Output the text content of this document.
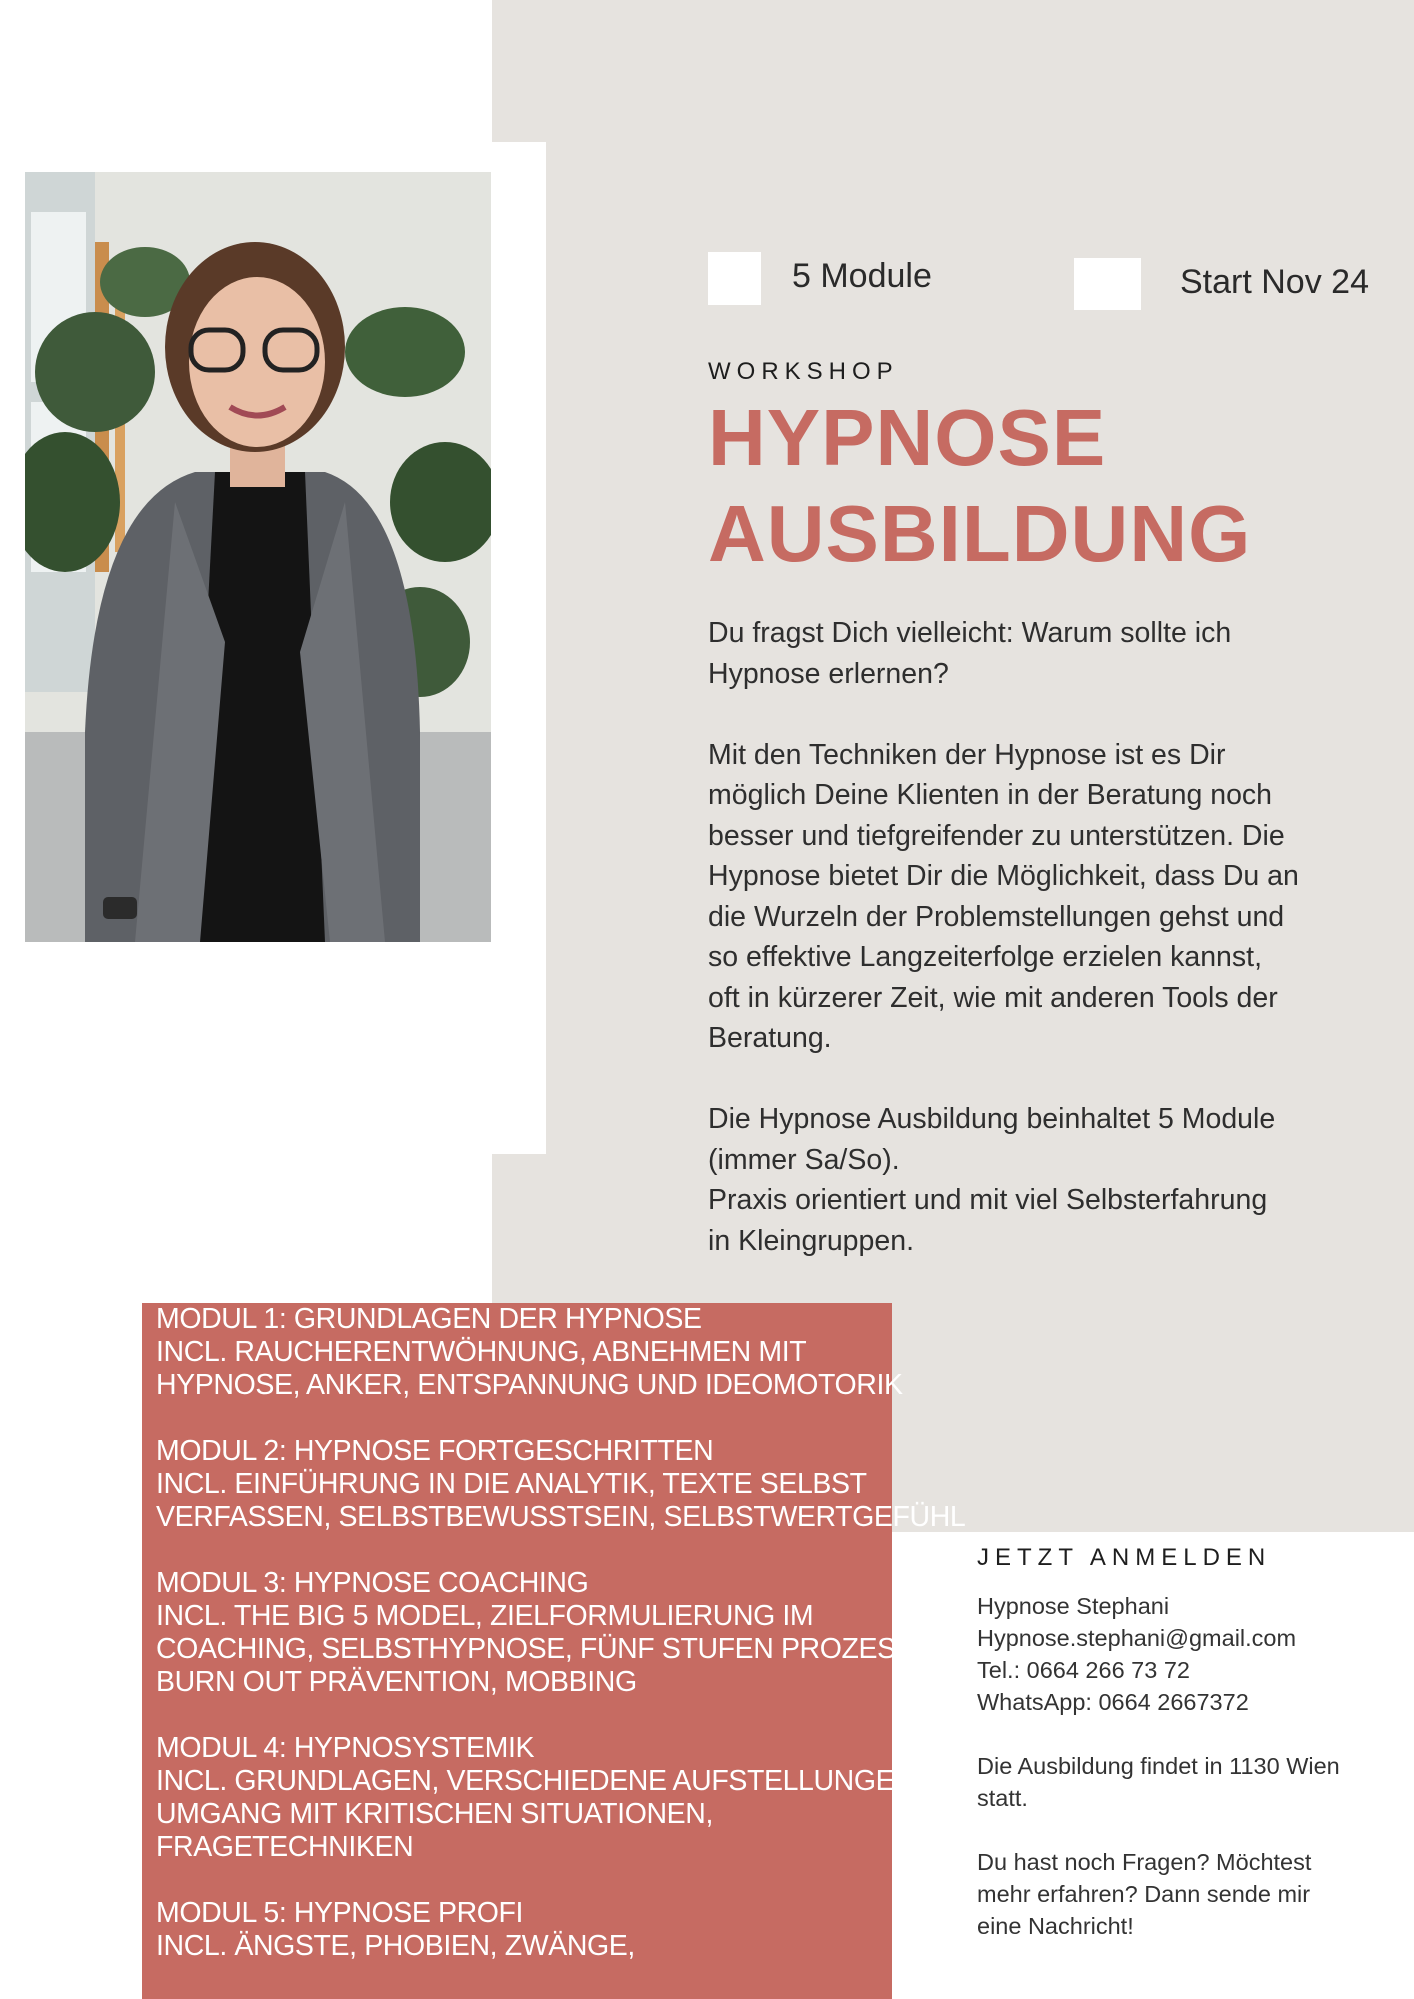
5 Module	Start Nov 24
WORKSHOP
HYPNOSE
AUSBILDUNG

Du fragst Dich vielleicht: Warum sollte ich
Hypnose erlernen?

Mit den Techniken der Hypnose ist es Dir
möglich Deine Klienten in der Beratung noch
besser und tiefgreifender zu unterstützen. Die
Hypnose bietet Dir die Möglichkeit, dass Du an
die Wurzeln der Problemstellungen gehst und
so effektive Langzeiterfolge erzielen kannst,
oft in kürzerer Zeit, wie mit anderen Tools der
Beratung.

Die Hypnose Ausbildung beinhaltet 5 Module
(immer Sa/So).
Praxis orientiert und mit viel Selbsterfahrung
in Kleingruppen.

MODUL 1: GRUNDLAGEN DER HYPNOSE
INCL. RAUCHERENTWÖHNUNG, ABNEHMEN MIT
HYPNOSE, ANKER, ENTSPANNUNG UND IDEOMOTORIK
MODUL 2: HYPNOSE FORTGESCHRITTEN
INCL. EINFÜHRUNG IN DIE ANALYTIK, TEXTE SELBST
VERFASSEN, SELBSTBEWUSSTSEIN, SELBSTWERTGEFÜHL
MODUL 3: HYPNOSE COACHING
INCL. THE BIG 5 MODEL, ZIELFORMULIERUNG IM
COACHING, SELBSTHYPNOSE, FÜNF STUFEN PROZESS,
BURN OUT PRÄVENTION, MOBBING
MODUL 4: HYPNOSYSTEMIK
INCL. GRUNDLAGEN, VERSCHIEDENE AUFSTELLUNGEN,
UMGANG MIT KRITISCHEN SITUATIONEN,
FRAGETECHNIKEN
MODUL 5: HYPNOSE PROFI
INCL. ÄNGSTE, PHOBIEN, ZWÄNGE,
JETZT ANMELDEN
Hypnose Stephani
Hypnose.stephani@gmail.com
Tel.: 0664 266 73 72
WhatsApp: 0664 2667372
Die Ausbildung findet in 1130 Wien
statt.
Du hast noch Fragen? Möchtest
mehr erfahren? Dann sende mir
eine Nachricht!
